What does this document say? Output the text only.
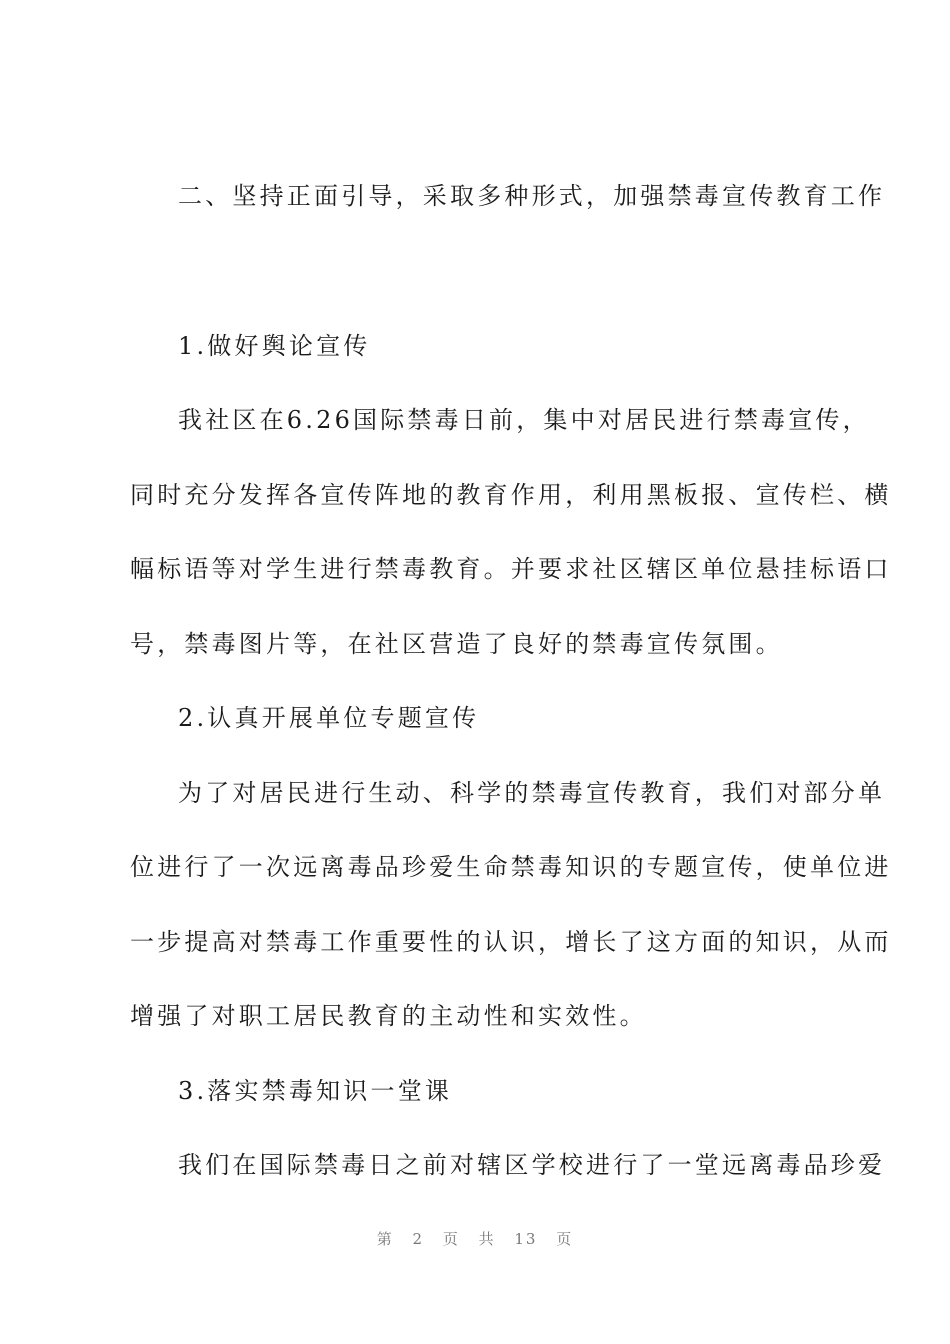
二、坚持正面引导，采取多种形式，加强禁毒宣传教育工作
1.做好舆论宣传
我社区在6.26国际禁毒日前，集中对居民进行禁毒宣传，
同时充分发挥各宣传阵地的教育作用，利用黑板报、宣传栏、横
幅标语等对学生进行禁毒教育。并要求社区辖区单位悬挂标语口
号，禁毒图片等，在社区营造了良好的禁毒宣传氛围。
2.认真开展单位专题宣传
为了对居民进行生动、科学的禁毒宣传教育，我们对部分单
位进行了一次远离毒品珍爱生命禁毒知识的专题宣传，使单位进
一步提高对禁毒工作重要性的认识，增长了这方面的知识，从而
增强了对职工居民教育的主动性和实效性。
3.落实禁毒知识一堂课
我们在国际禁毒日之前对辖区学校进行了一堂远离毒品珍爱
第 2 页 共 13 页
